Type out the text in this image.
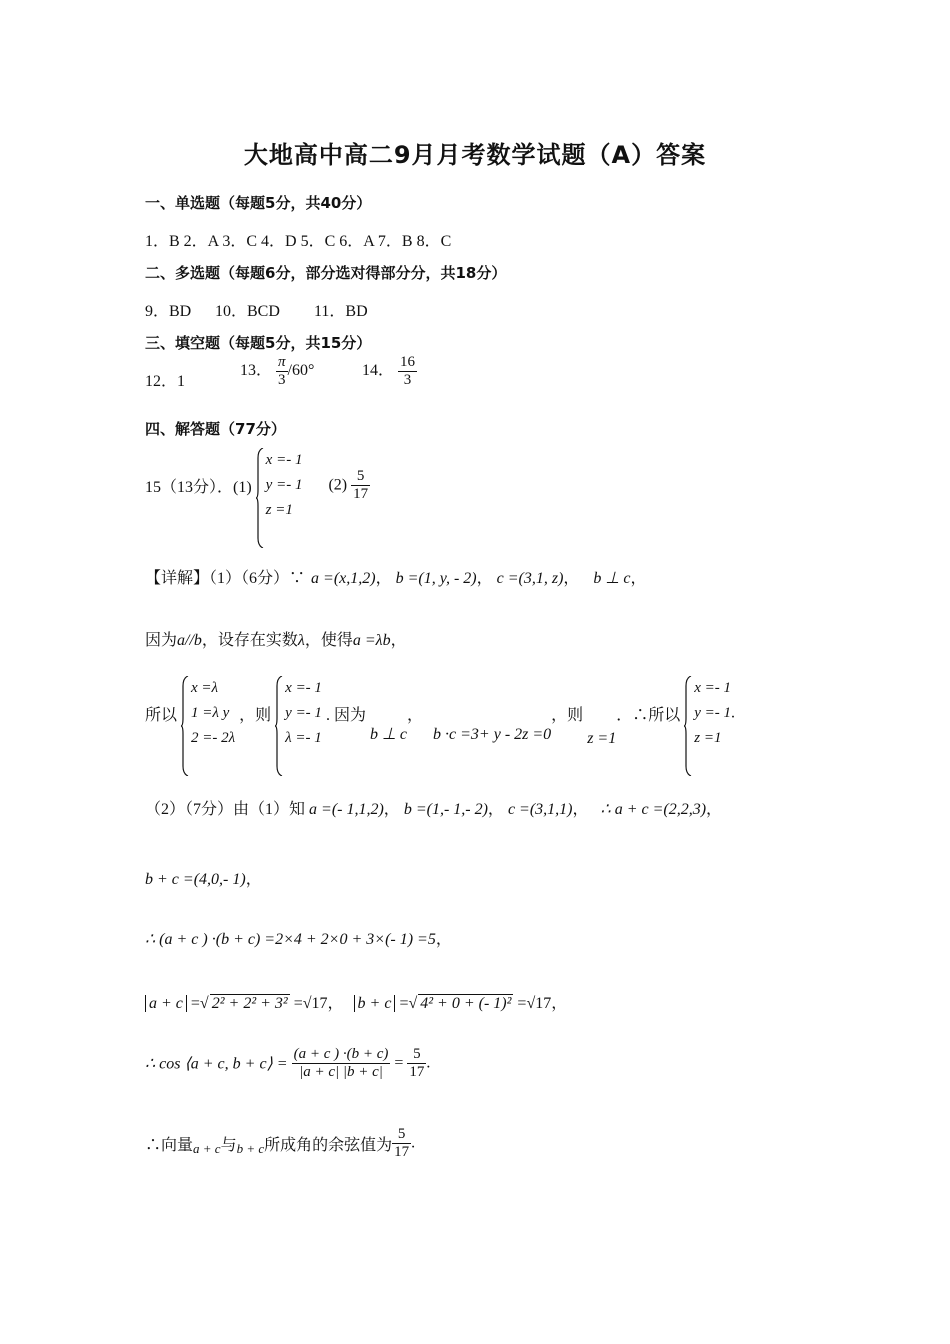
大地高中高二9月月考数学试题（A）答案
一、单选题（每题5分，共40分）
1．B 2．A 3．C 4．D 5．C 6．A 7．B 8．C
二、多选题（每题6分，部分选对得部分分，共18分）
9．BD 10．BCD 11．BD
三、填空题（每题5分，共15分）
12．1
13． $\frac{\pi}{3} /60^\circ$	14． $\frac{16}{3}$
四、解答题（77分）
15（13分）．(1)
x =- 1
y =- 1
z =1
$(2) \frac{5}{17}$
【详解】（1）（6分）∵ a =(x,1,2)， b =(1, y, - 2)， c =(3,1, z)， b ⊥ c，
因为a//b，设存在实数λ，使得a =λb，
所以
x =λ
1 =λ y
2 =- 2λ
，则
x =- 1
y =- 1
λ =- 1
. 因为 b ⊥ c， b ·c =3+ y - 2z =0，则 z =1．∴所以
x =- 1
y =- 1
z =1
.
（2）（7分）由（1）知 a =(- 1,1,2)， b =(1,- 1,- 2)， c =(3,1,1)， ∴ a + c =(2,2,3)，
b + c =(4,0,- 1)，
∴ (a + c ) ·(b + c) =2×4 + 2×0 + 3×(- 1) =5，
a + c =√ 2² + 2² + 3² =√17， b + c =√ 4² + 0 + (- 1)² =√17，
∴ cos ⟨a + c, b + c⟩ = $\frac{(a + c ) \cdot(b + c)}{|a + c| |b + c|} = \frac{5}{17}$ .
∴向量$_{a + c}$与$_{b + c}$所成角的余弦值为 $\frac{5}{17}$ .
